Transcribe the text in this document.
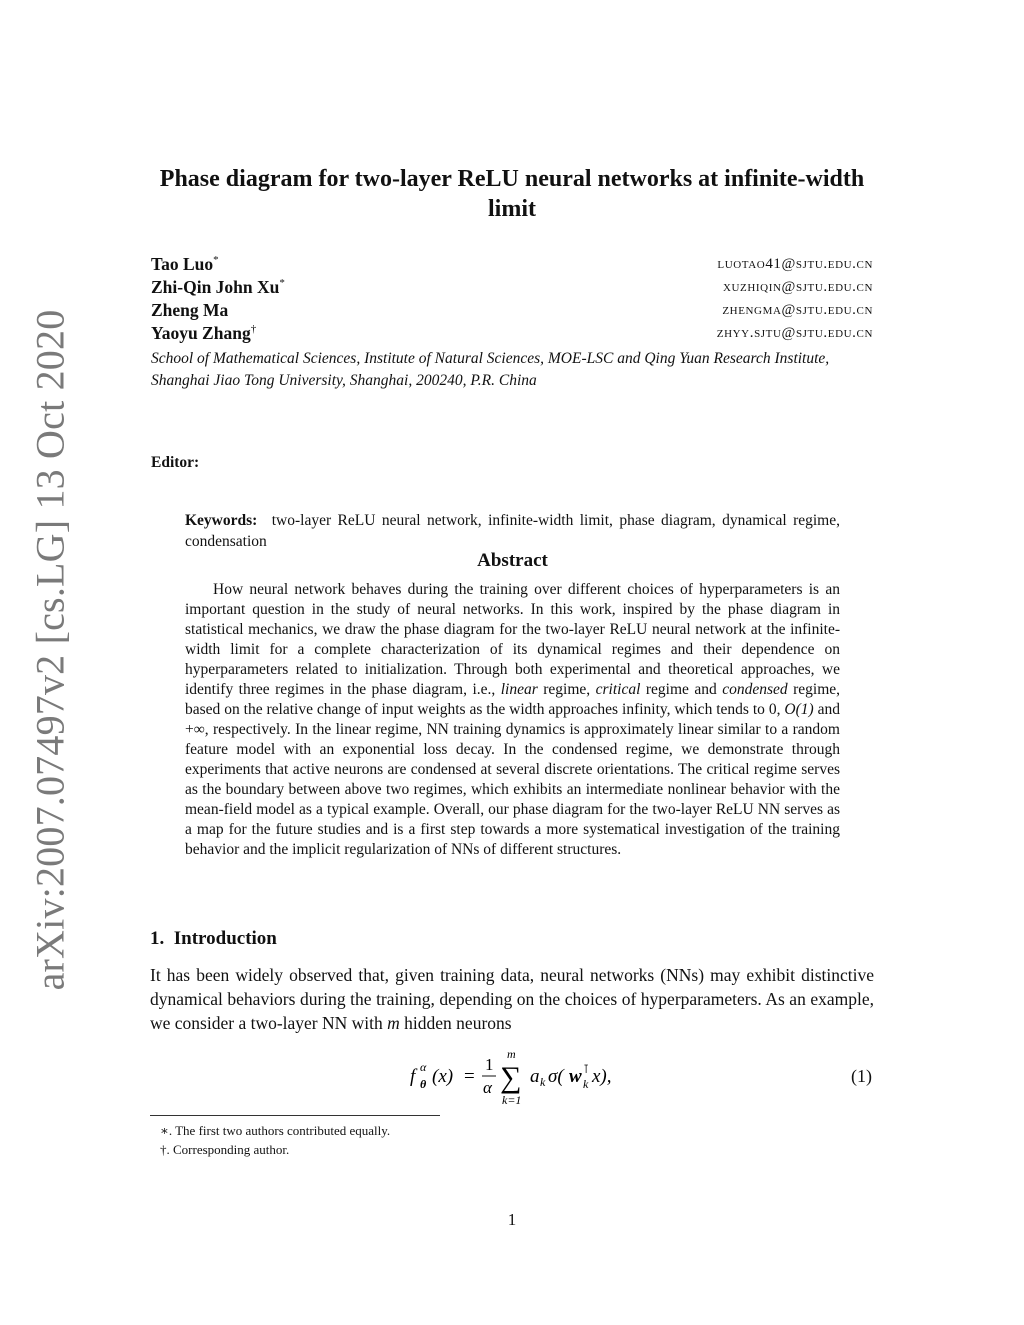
arXiv:2007.07497v2 [cs.LG] 13 Oct 2020
Phase diagram for two-layer ReLU neural networks at infinite-width limit
Tao Luo*	luotao41@sjtu.edu.cn
Zhi-Qin John Xu*	xuzhiqin@sjtu.edu.cn
Zheng Ma	zhengma@sjtu.edu.cn
Yaoyu Zhang†	zhyy.sjtu@sjtu.edu.cn
School of Mathematical Sciences, Institute of Natural Sciences, MOE-LSC and Qing Yuan Research Institute,
Shanghai Jiao Tong University, Shanghai, 200240, P.R. China
Editor:
Keywords: two-layer ReLU neural network, infinite-width limit, phase diagram, dynamical regime, condensation
Abstract
How neural network behaves during the training over different choices of hyperparameters is an important question in the study of neural networks. In this work, inspired by the phase diagram in statistical mechanics, we draw the phase diagram for the two-layer ReLU neural network at the infinite-width limit for a complete characterization of its dynamical regimes and their dependence on hyperparameters related to initialization. Through both experimental and theoretical approaches, we identify three regimes in the phase diagram, i.e., linear regime, critical regime and condensed regime, based on the relative change of input weights as the width approaches infinity, which tends to 0, O(1) and +∞, respectively. In the linear regime, NN training dynamics is approximately linear similar to a random feature model with an exponential loss decay. In the condensed regime, we demonstrate through experiments that active neurons are condensed at several discrete orientations. The critical regime serves as the boundary between above two regimes, which exhibits an intermediate nonlinear behavior with the mean-field model as a typical example. Overall, our phase diagram for the two-layer ReLU NN serves as a map for the future studies and is a first step towards a more systematical investigation of the training behavior and the implicit regularization of NNs of different structures.
1. Introduction
It has been widely observed that, given training data, neural networks (NNs) may exhibit distinctive dynamical behaviors during the training, depending on the choices of hyperparameters. As an example, we consider a two-layer NN with m hidden neurons
f α
θ (x) =
1
α
m
∑
k=1
a k σ( w ⊺
k x),	(1)
∗. The first two authors contributed equally.
†. Corresponding author.
1
